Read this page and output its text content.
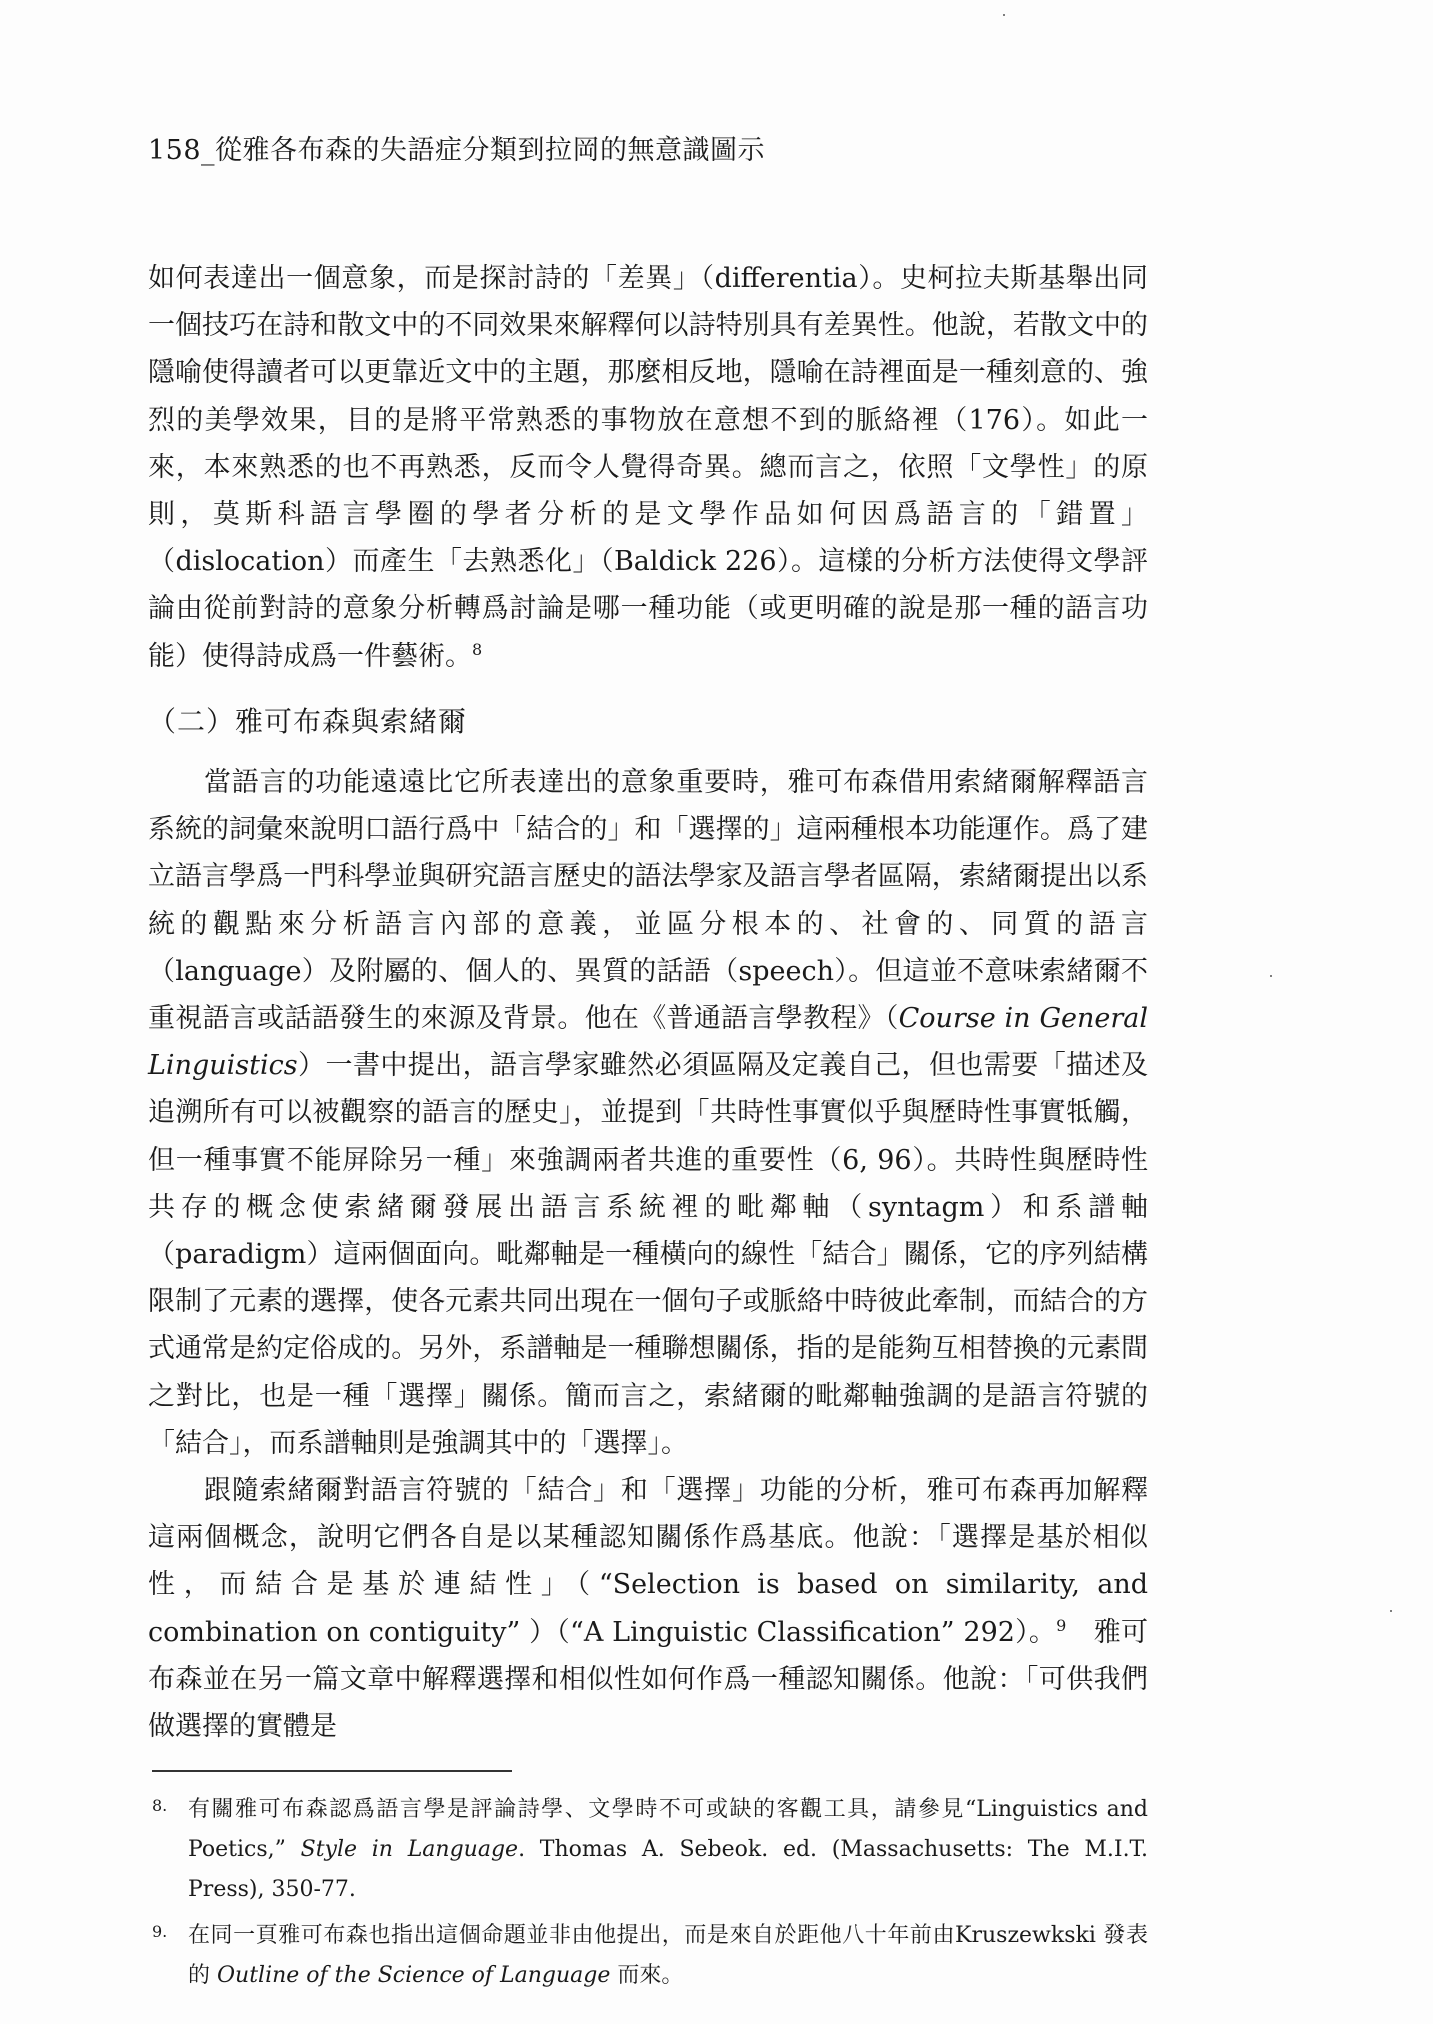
158_從雅各布森的失語症分類到拉岡的無意識圖示

如何表達出一個意象，而是探討詩的「差異」（differentia）。史柯拉夫斯基舉出同一個技巧在詩和散文中的不同效果來解釋何以詩特別具有差異性。他說，若散文中的隱喻使得讀者可以更靠近文中的主題，那麼相反地，隱喻在詩裡面是一種刻意的、強烈的美學效果，目的是將平常熟悉的事物放在意想不到的脈絡裡（176）。如此一來，本來熟悉的也不再熟悉，反而令人覺得奇異。總而言之，依照「文學性」的原則，莫斯科語言學圈的學者分析的是文學作品如何因爲語言的「錯置」（dislocation）而產生「去熟悉化」（Baldick 226）。這樣的分析方法使得文學評論由從前對詩的意象分析轉爲討論是哪一種功能（或更明確的說是那一種的語言功能）使得詩成爲一件藝術。$^8$

（二）雅可布森與索緒爾

當語言的功能遠遠比它所表達出的意象重要時，雅可布森借用索緒爾解釋語言系統的詞彙來說明口語行爲中「結合的」和「選擇的」這兩種根本功能運作。爲了建立語言學爲一門科學並與研究語言歷史的語法學家及語言學者區隔，索緒爾提出以系統的觀點來分析語言內部的意義，並區分根本的、社會的、同質的語言（language）及附屬的、個人的、異質的話語（speech）。但這並不意味索緒爾不重視語言或話語發生的來源及背景。他在《普通語言學教程》（Course in General Linguistics）一書中提出，語言學家雖然必須區隔及定義自己，但也需要「描述及追溯所有可以被觀察的語言的歷史」，並提到「共時性事實似乎與歷時性事實牴觸，但一種事實不能屏除另一種」來強調兩者共進的重要性（6, 96）。共時性與歷時性共存的概念使索緒爾發展出語言系統裡的毗鄰軸（syntagm）和系譜軸（paradigm）這兩個面向。毗鄰軸是一種橫向的線性「結合」關係，它的序列結構限制了元素的選擇，使各元素共同出現在一個句子或脈絡中時彼此牽制，而結合的方式通常是約定俗成的。另外，系譜軸是一種聯想關係，指的是能夠互相替換的元素間之對比，也是一種「選擇」關係。簡而言之，索緒爾的毗鄰軸強調的是語言符號的「結合」，而系譜軸則是強調其中的「選擇」。

跟隨索緒爾對語言符號的「結合」和「選擇」功能的分析，雅可布森再加解釋這兩個概念，說明它們各自是以某種認知關係作爲基底。他說：「選擇是基於相似性，而結合是基於連結性」（“Selection is based on similarity, and combination on contiguity” ）（“A Linguistic Classification” 292）。$^9$　雅可布森並在另一篇文章中解釋選擇和相似性如何作爲一種認知關係。他說：「可供我們做選擇的實體是

8. 有關雅可布森認爲語言學是評論詩學、文學時不可或缺的客觀工具，請參見“Linguistics and Poetics,” Style in Language. Thomas A. Sebeok. ed. (Massachusetts: The M.I.T. Press), 350-77.
9. 在同一頁雅可布森也指出這個命題並非由他提出，而是來自於距他八十年前由Kruszewkski 發表的 Outline of the Science of Language 而來。
